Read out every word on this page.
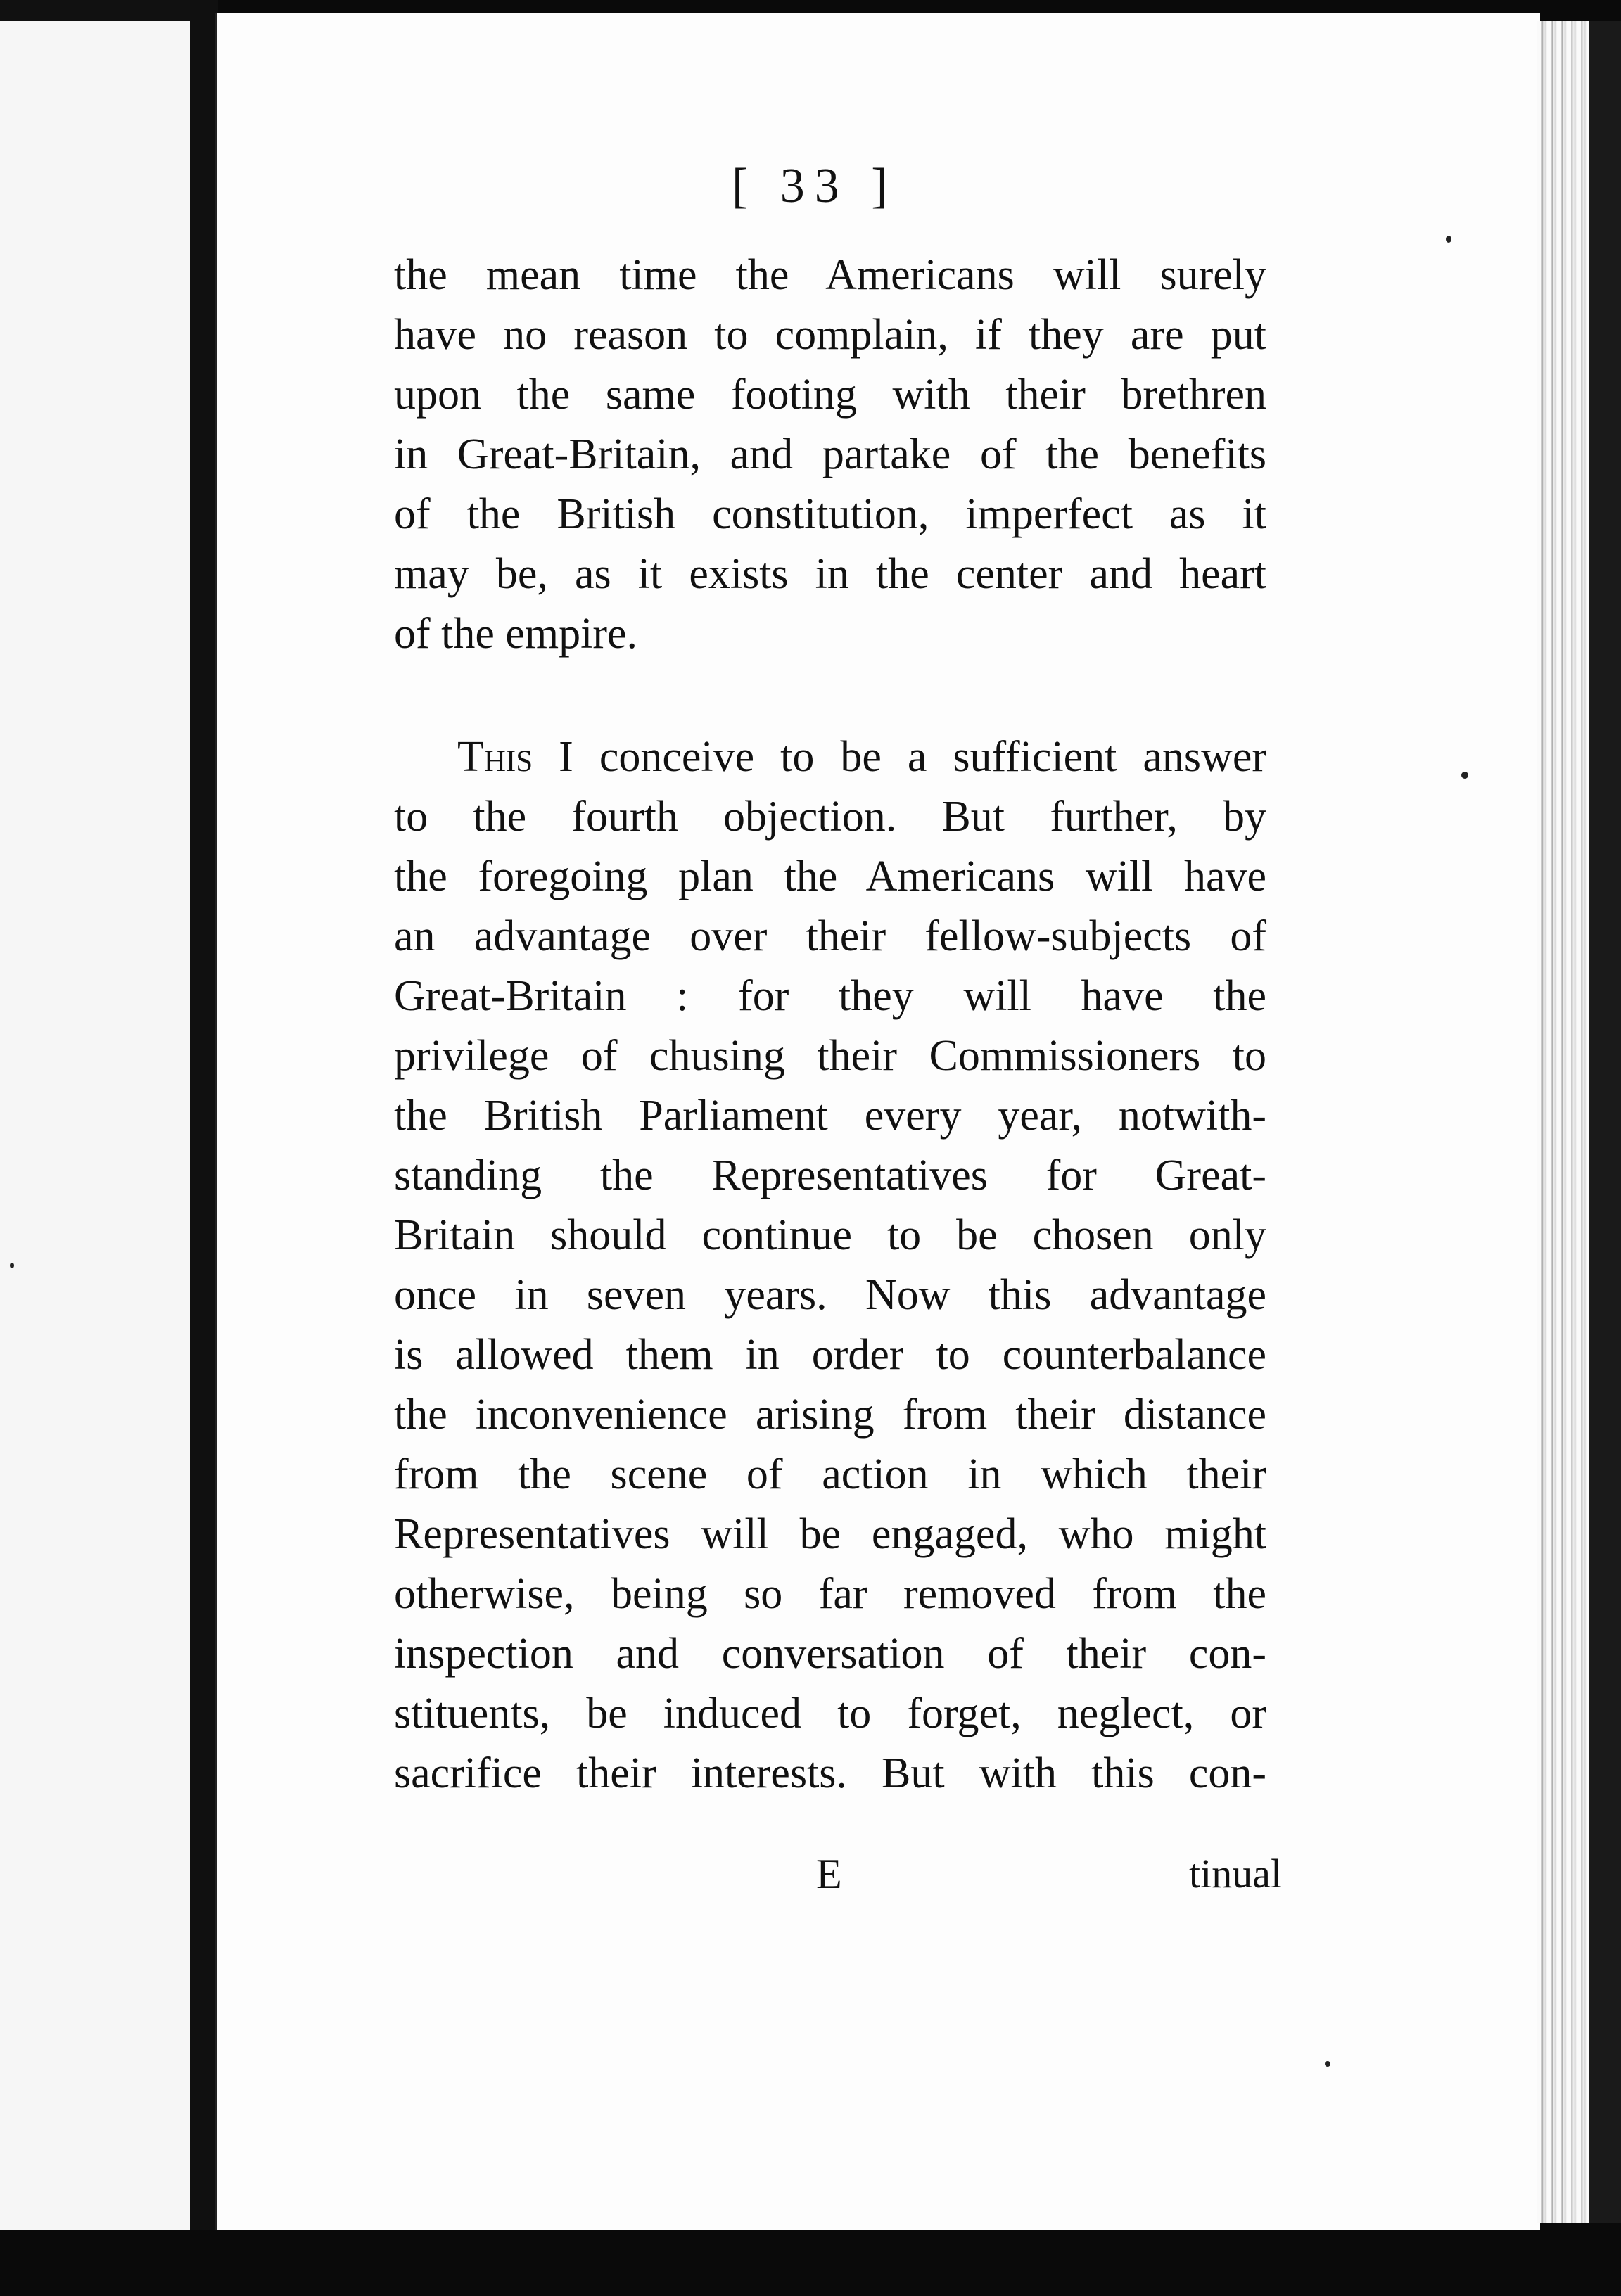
[ 33 ]
the mean time the Americans will surely
have no reason to complain, if they are put
upon the same footing with their brethren
in Great-Britain, and partake of the benefits
of the British constitution, imperfect as it
may be, as it exists in the center and heart
of the empire.
This I conceive to be a sufficient answer
to the fourth objection. But further, by
the foregoing plan the Americans will have
an advantage over their fellow-subjects of
Great-Britain : for they will have the
privilege of chusing their Commissioners to
the British Parliament every year, notwith-
standing the Representatives for Great-
Britain should continue to be chosen only
once in seven years. Now this advantage
is allowed them in order to counterbalance
the inconvenience arising from their distance
from the scene of action in which their
Representatives will be engaged, who might
otherwise, being so far removed from the
inspection and conversation of their con-
stituents, be induced to forget, neglect, or
sacrifice their interests. But with this con-
E	tinual
